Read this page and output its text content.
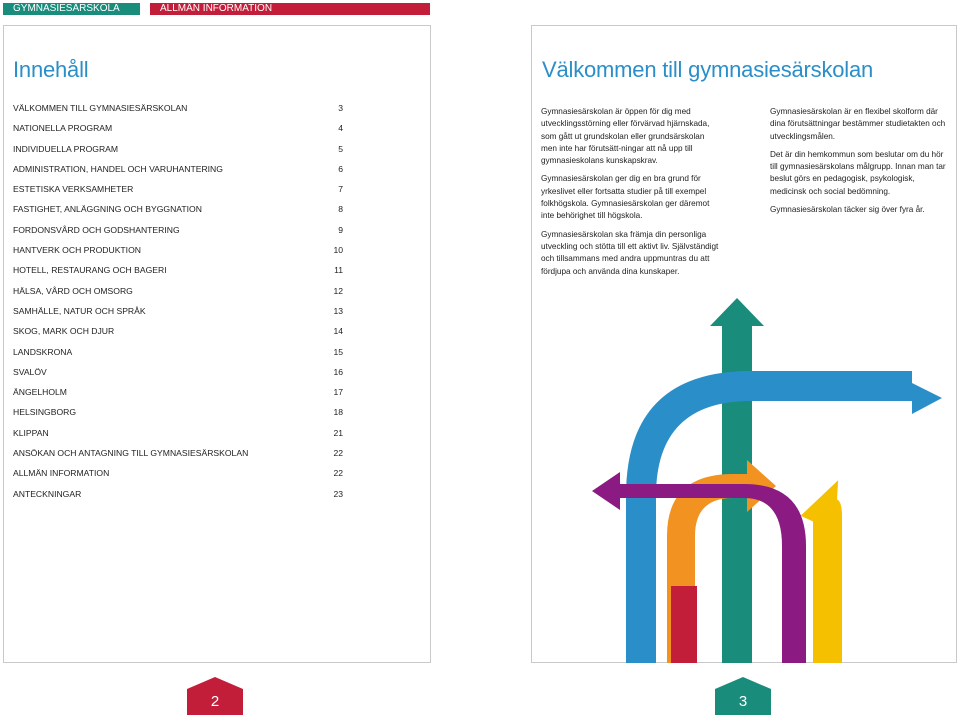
GYMNASIESÄRSKOLA	ALLMÄN INFORMATION
Innehåll
VÄLKOMMEN TILL GYMNASIESÄRSKOLAN	3
NATIONELLA PROGRAM	4
INDIVIDUELLA PROGRAM	5
ADMINISTRATION, HANDEL OCH VARUHANTERING	6
ESTETISKA VERKSAMHETER	7
FASTIGHET, ANLÄGGNING OCH BYGGNATION	8
FORDONSVÅRD OCH GODSHANTERING	9
HANTVERK OCH PRODUKTION	10
HOTELL, RESTAURANG OCH BAGERI	11
HÄLSA, VÅRD OCH OMSORG	12
SAMHÄLLE, NATUR OCH SPRÅK	13
SKOG, MARK OCH DJUR	14
LANDSKRONA	15
SVALÖV	16
ÄNGELHOLM	17
HELSINGBORG	18
KLIPPAN	21
ANSÖKAN OCH ANTAGNING TILL GYMNASIESÄRSKOLAN	22
ALLMÄN INFORMATION	22
ANTECKNINGAR	23
Välkommen till gymnasiesärskolan

Gymnasiesärskolan är öppen för dig med utvecklingsstörning eller förvärvad hjärnskada, som gått ut grundskolan eller grundsärskolan men inte har förutsätt-ningar att nå upp till gymnasieskolans kunskapskrav.

Gymnasiesärskolan ger dig en bra grund för yrkeslivet eller fortsatta studier på till exempel folkhögskola. Gymnasiesärskolan ger däremot inte behörighet till högskola.

Gymnasiesärskolan ska främja din personliga utveckling och stötta till ett aktivt liv. Självständigt och tillsammans med andra uppmuntras du att fördjupa och använda dina kunskaper.

Gymnasiesärskolan är en flexibel skolform där dina förutsättningar bestämmer studietakten och utvecklingsmålen.

Det är din hemkommun som beslutar om du hör till gymnasiesärskolans målgrupp. Innan man tar beslut görs en pedagogisk, psykologisk, medicinsk och social bedömning.

Gymnasiesärskolan täcker sig över fyra år.

2	3
